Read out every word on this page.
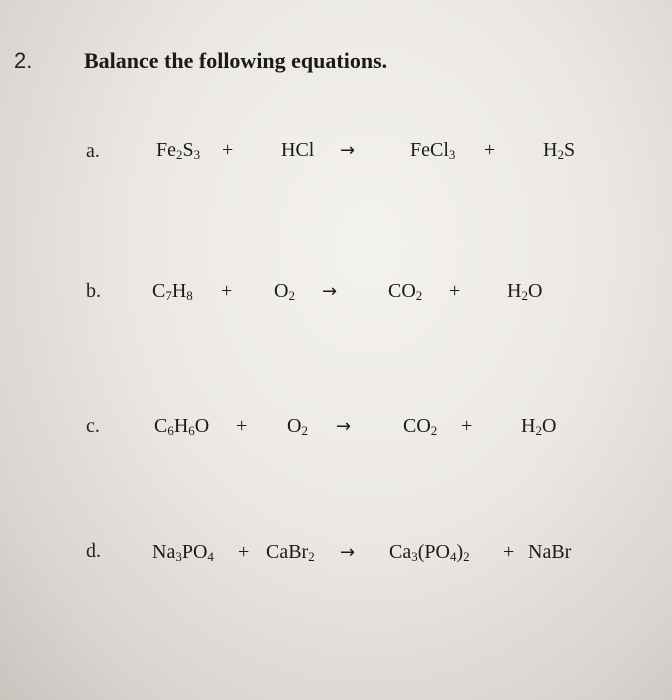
2. Balance the following equations.
a.	$Fe_2S_3$ + HCl →	FeCl$_3$ + $H_2S$
b.	$C_7H_8 + O_2$ →	$CO_2 + H_2O$
c.	$C_6H_6O + O_2$ →	$CO_2 + H_2O$
d.	$Na_3PO_4$ + CaBr$_2$ → $Ca_3(PO_4)_2$ + NaBr
